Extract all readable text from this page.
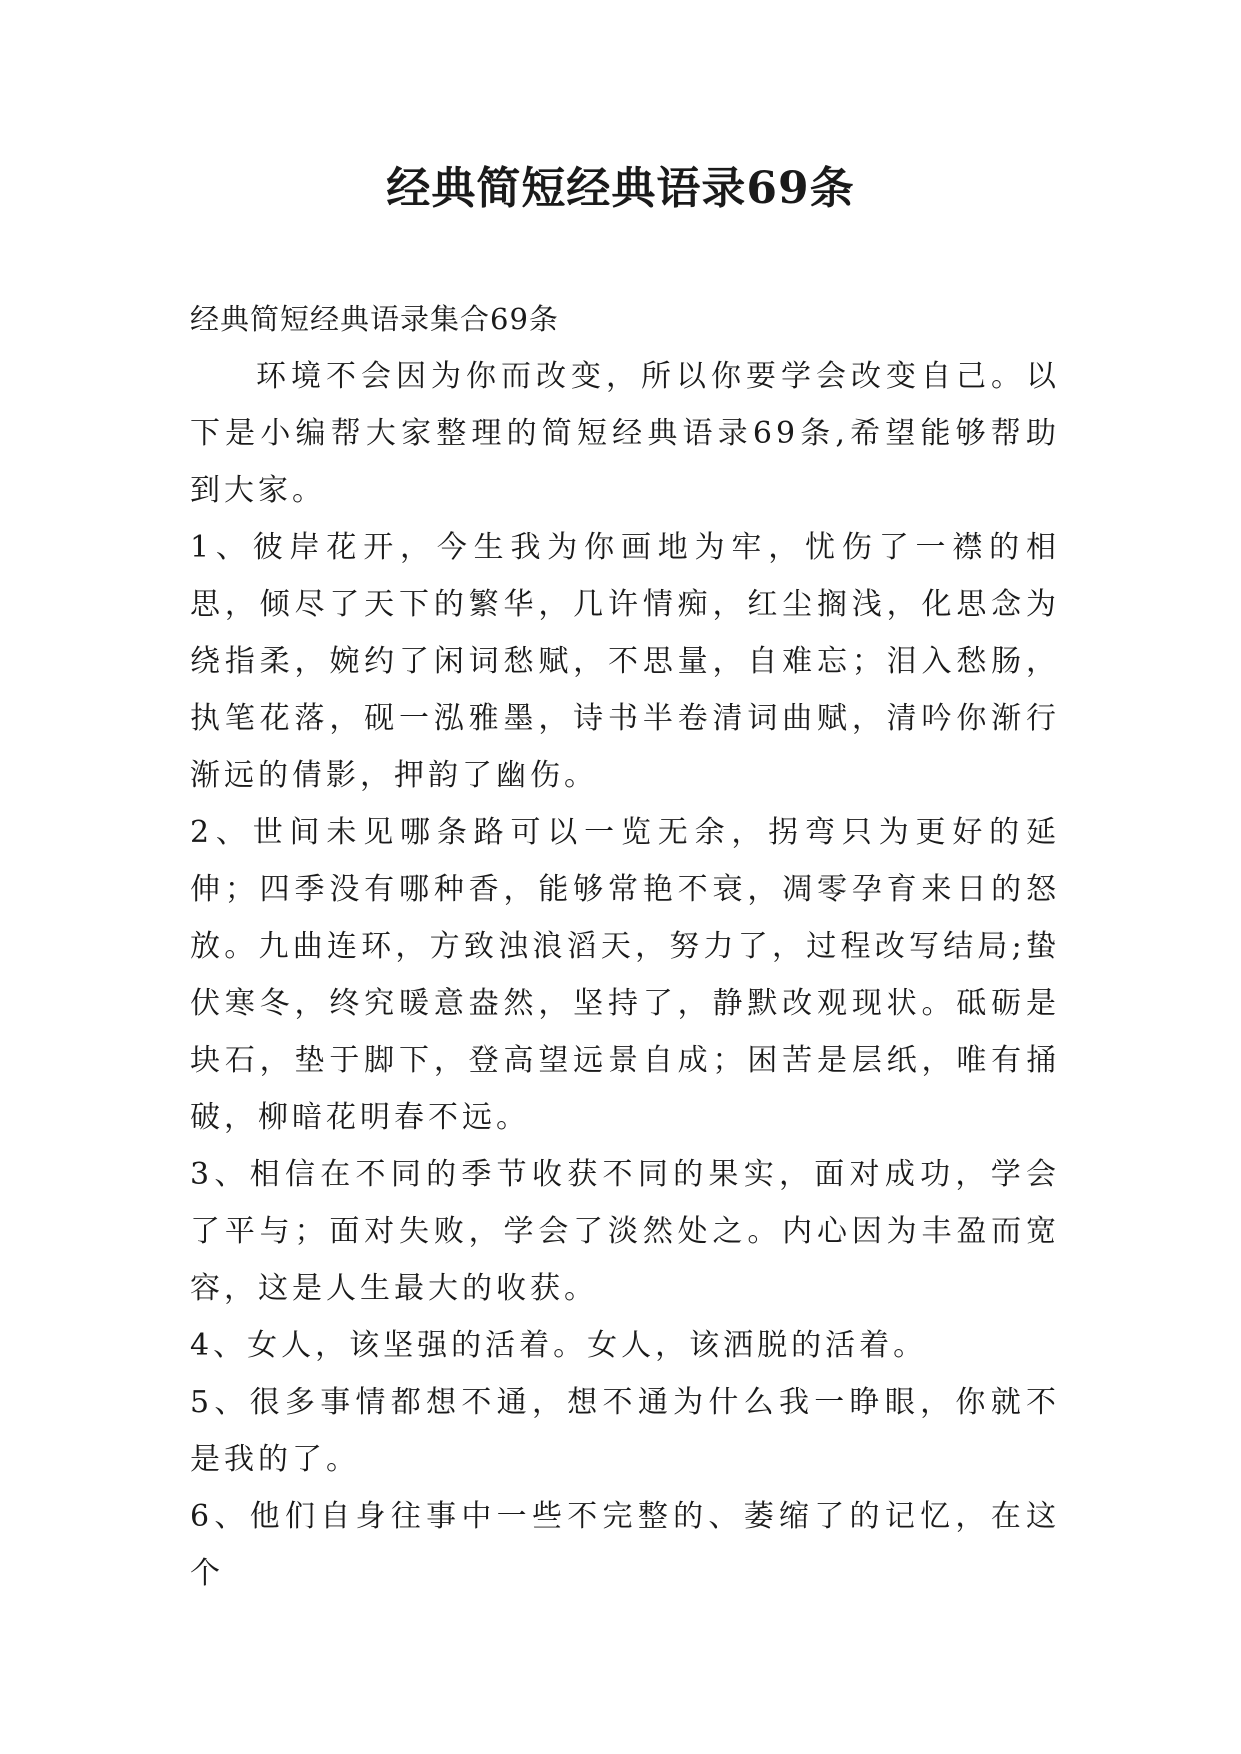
经典简短经典语录69条

经典简短经典语录集合69条

环境不会因为你而改变，所以你要学会改变自己。以下是小编帮大家整理的简短经典语录69条,希望能够帮助到大家。

1、彼岸花开，今生我为你画地为牢，忧伤了一襟的相思，倾尽了天下的繁华，几许情痴，红尘搁浅，化思念为绕指柔，婉约了闲词愁赋，不思量，自难忘；泪入愁肠，执笔花落，砚一泓雅墨，诗书半卷清词曲赋，清吟你渐行渐远的倩影，押韵了幽伤。

2、世间未见哪条路可以一览无余，拐弯只为更好的延伸；四季没有哪种香，能够常艳不衰，凋零孕育来日的怒放。九曲连环，方致浊浪滔天，努力了，过程改写结局;蛰伏寒冬，终究暖意盎然，坚持了，静默改观现状。砥砺是块石，垫于脚下，登高望远景自成；困苦是层纸，唯有捅破，柳暗花明春不远。

3、相信在不同的季节收获不同的果实，面对成功，学会了平与；面对失败，学会了淡然处之。内心因为丰盈而宽容，这是人生最大的收获。

4、女人，该坚强的活着。女人，该洒脱的活着。

5、很多事情都想不通，想不通为什么我一睁眼，你就不是我的了。

6、他们自身往事中一些不完整的、萎缩了的记忆，在这个
